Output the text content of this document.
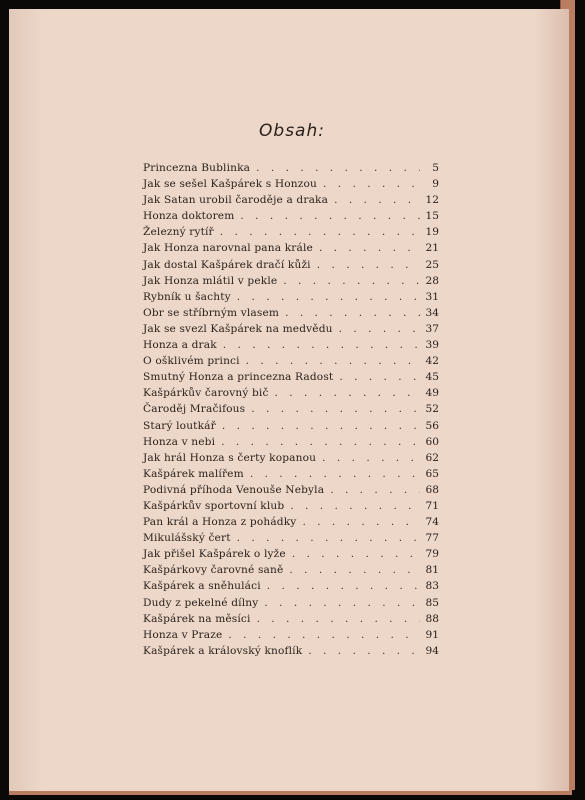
Obsah:
Princezna Bublinka . . .	5
Jak se sešel Kašpárek s Honzou . . .	9
Jak Satan urobil čaroděje a draka . . .	12
Honza doktorem . . .	15
Železný rytíř . . .	19
Jak Honza narovnal pana krále . . .	21
Jak dostal Kašpárek dračí kůži . . .	25
Jak Honza mlátil v pekle . . .	28
Rybník u šachty . . .	31
Obr se stříbrným vlasem . . .	34
Jak se svezl Kašpárek na medvědu . . .	37
Honza a drak . . .	39
O ošklivém princi . . .	42
Smutný Honza a princezna Radost . . .	45
Kašpárkův čarovný bič . . .	49
Čaroděj Mračifous . . .	52
Starý loutkář . . .	56
Honza v nebi . . .	60
Jak hrál Honza s čerty kopanou . . .	62
Kašpárek malířem . . .	65
Podivná příhoda Venouše Nebyla . . .	68
Kašpárkův sportovní klub . . .	71
Pan král a Honza z pohádky . . .	74
Mikulášský čert . . .	77
Jak přišel Kašpárek o lyže . . .	79
Kašpárkovy čarovné saně . . .	81
Kašpárek a sněhuláci . . .	83
Dudy z pekelné dílny . . .	85
Kašpárek na měsíci . . .	88
Honza v Praze . . .	91
Kašpárek a královský knoflík . . .	94
